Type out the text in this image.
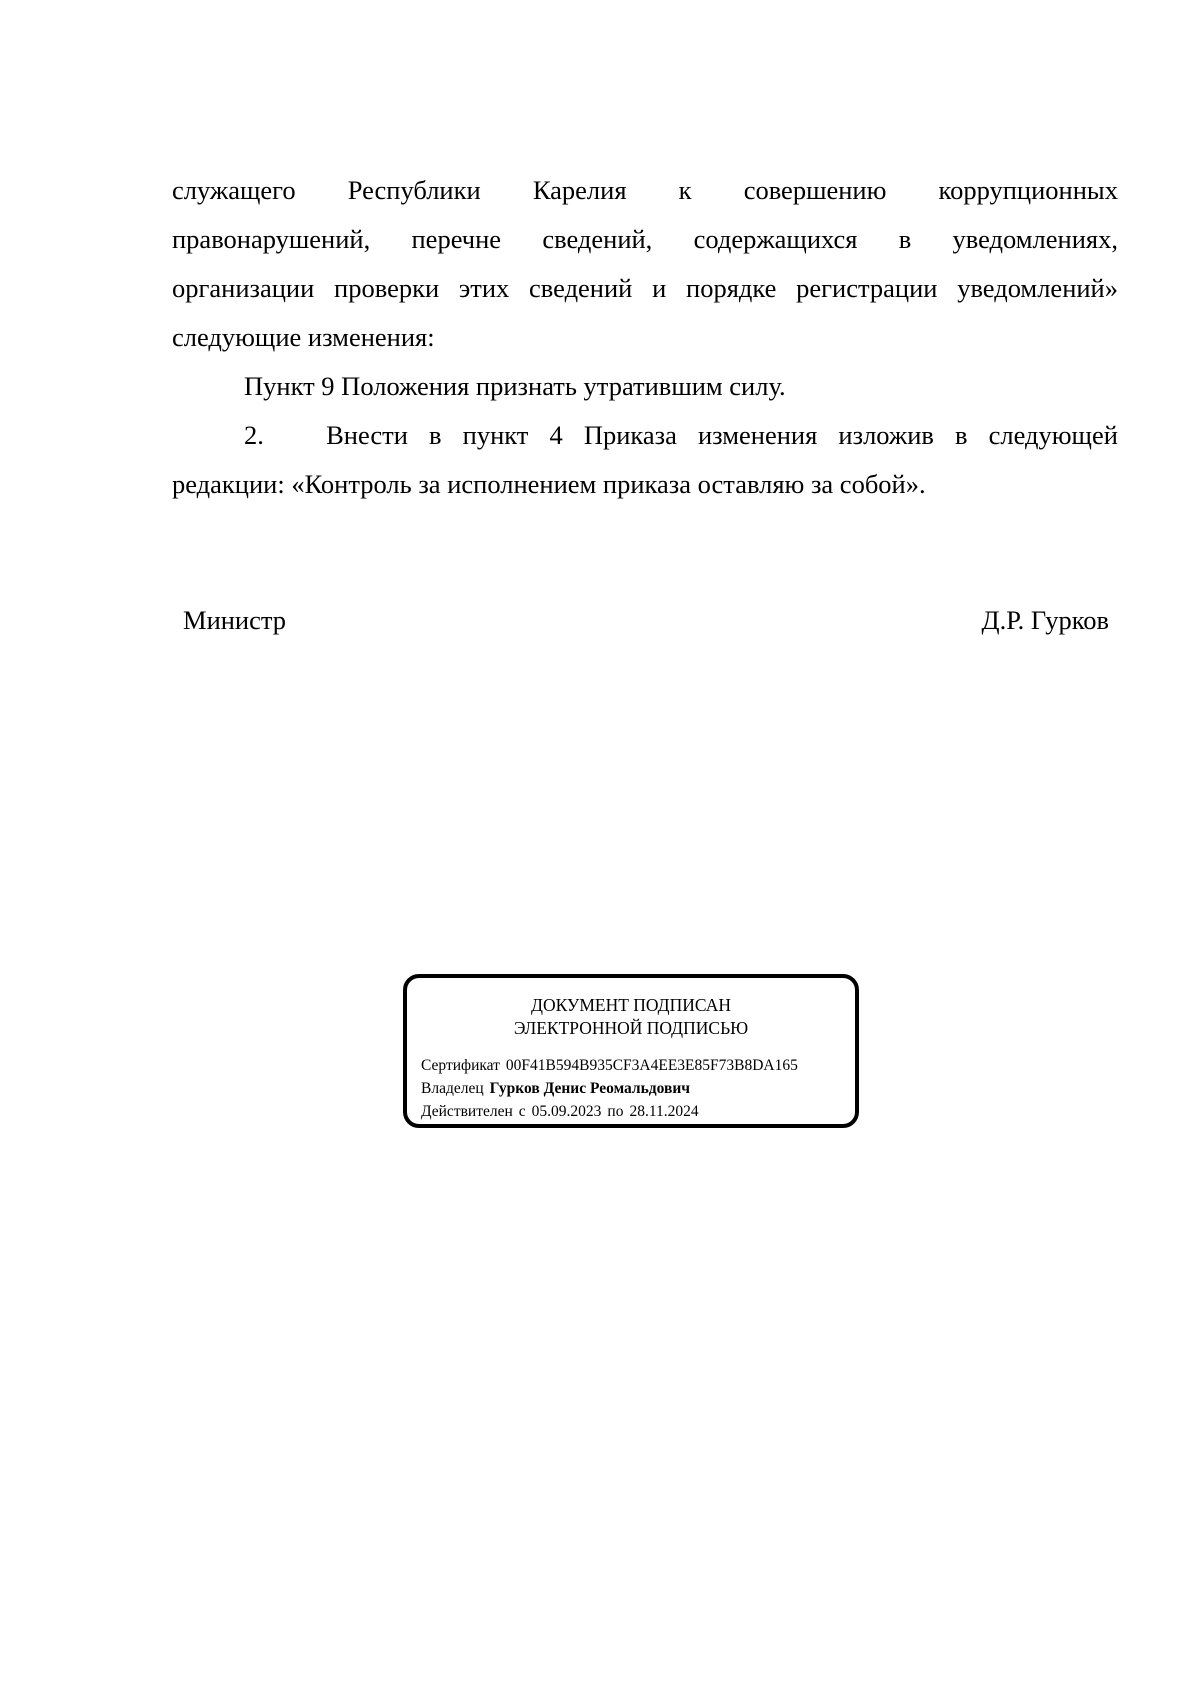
служащего Республики Карелия к совершению коррупционных
правонарушений, перечне сведений, содержащихся в уведомлениях,
организации проверки этих сведений и порядке регистрации уведомлений»
следующие изменения:
Пункт 9 Положения признать утратившим силу.
2. Внести в пункт 4 Приказа изменения изложив в следующей
редакции: «Контроль за исполнением приказа оставляю за собой».
Министр	Д.Р. Гурков
ДОКУМЕНТ ПОДПИСАН
ЭЛЕКТРОННОЙ ПОДПИСЬЮ
Сертификат 00F41B594B935CF3A4EE3E85F73B8DA165
Владелец Гурков Денис Реомальдович
Действителен с 05.09.2023 по 28.11.2024
